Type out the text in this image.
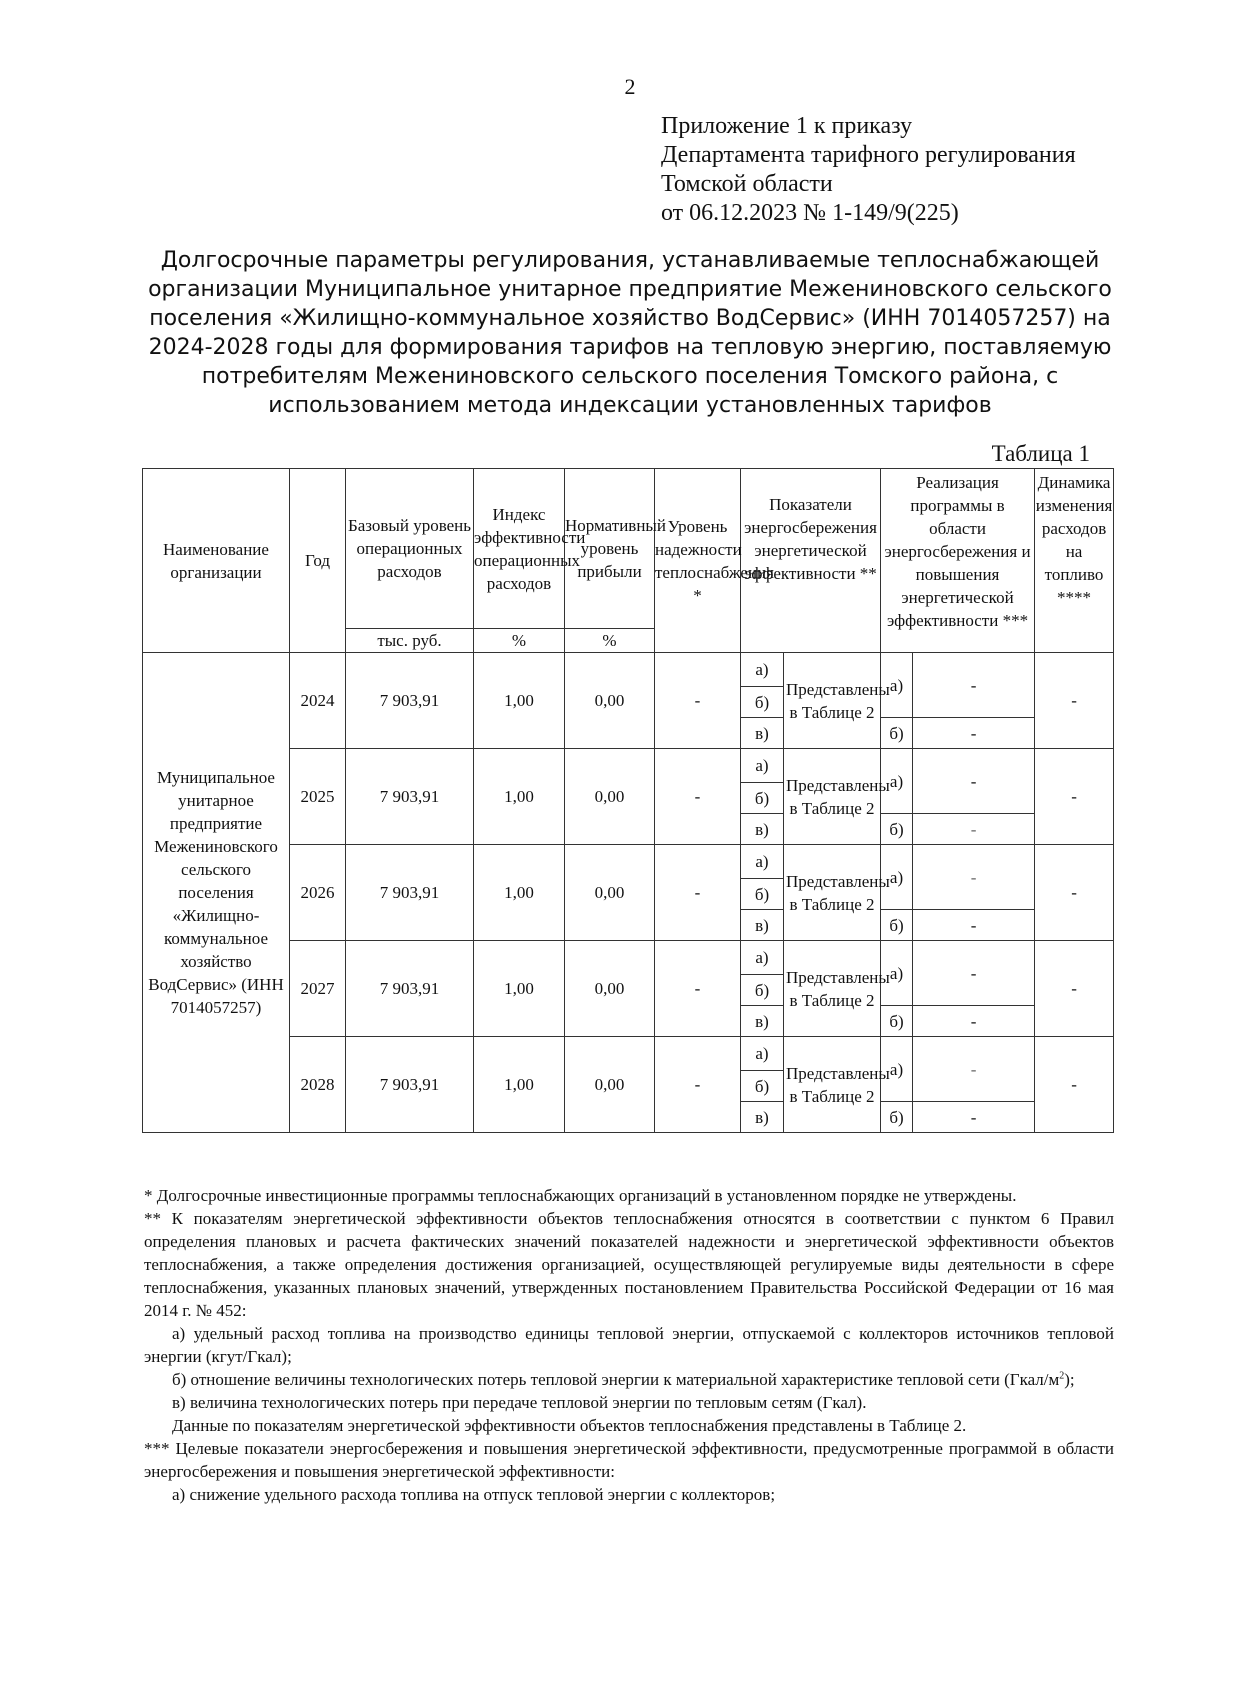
2
Приложение 1 к приказу
Департамента тарифного регулирования
Томской области
от 06.12.2023 № 1-149/9(225)
Долгосрочные параметры регулирования, устанавливаемые теплоснабжающей
организации Муниципальное унитарное предприятие Межениновского сельского
поселения «Жилищно-коммунальное хозяйство ВодСервис» (ИНН 7014057257) на
2024-2028 годы для формирования тарифов на тепловую энергию, поставляемую
потребителям Межениновского сельского поселения Томского района, с
использованием метода индексации установленных тарифов
Таблица 1
Наименование организации	Год	Базовый уровень операционных расходов	Индекс эффективности операционных расходов	Нормативный уровень прибыли	Уровень надежности теплоснабжения *	Показатели энергосбережения энергетической эффективности **		Реализация программы в области энергосбережения и повышения энергетической эффективности ***		Динамика изменения расходов на топливо ****
		тыс. руб.	%	%						
Муниципальное унитарное предприятие Межениновского сельского поселения «Жилищно-коммунальное хозяйство ВодСервис» (ИНН 7014057257)	2024	7 903,91	1,00	0,00	-	а)	Представлены в Таблице 2	а)	-	-
						б)				
						в)		б)	-	
	2025	7 903,91	1,00	0,00	-	а)	Представлены в Таблице 2	а)	-	-
						б)				
						в)		б)	-	
	2026	7 903,91	1,00	0,00	-	а)	Представлены в Таблице 2	а)	-	-
						б)				
						в)		б)	-	
	2027	7 903,91	1,00	0,00	-	а)	Представлены в Таблице 2	а)	-	-
						б)				
						в)		б)	-	
	2028	7 903,91	1,00	0,00	-	а)	Представлены в Таблице 2	а)	-	-
						б)				
						в)		б)	-	

* Долгосрочные инвестиционные программы теплоснабжающих организаций в установленном порядке не утверждены.

** К показателям энергетической эффективности объектов теплоснабжения относятся в соответствии с пунктом 6 Правил определения плановых и расчета фактических значений показателей надежности и энергетической эффективности объектов теплоснабжения, а также определения достижения организацией, осуществляющей регулируемые виды деятельности в сфере теплоснабжения, указанных плановых значений, утвержденных постановлением Правительства Российской Федерации от 16 мая 2014 г. № 452:

а) удельный расход топлива на производство единицы тепловой энергии, отпускаемой с коллекторов источников тепловой энергии (кгут/Гкал);

б) отношение величины технологических потерь тепловой энергии к материальной характеристике тепловой сети $(Гкал/м^2)$;

в) величина технологических потерь при передаче тепловой энергии по тепловым сетям (Гкал).

Данные по показателям энергетической эффективности объектов теплоснабжения представлены в Таблице 2.

*** Целевые показатели энергосбережения и повышения энергетической эффективности, предусмотренные программой в области энергосбережения и повышения энергетической эффективности:

а) снижение удельного расхода топлива на отпуск тепловой энергии с коллекторов;
